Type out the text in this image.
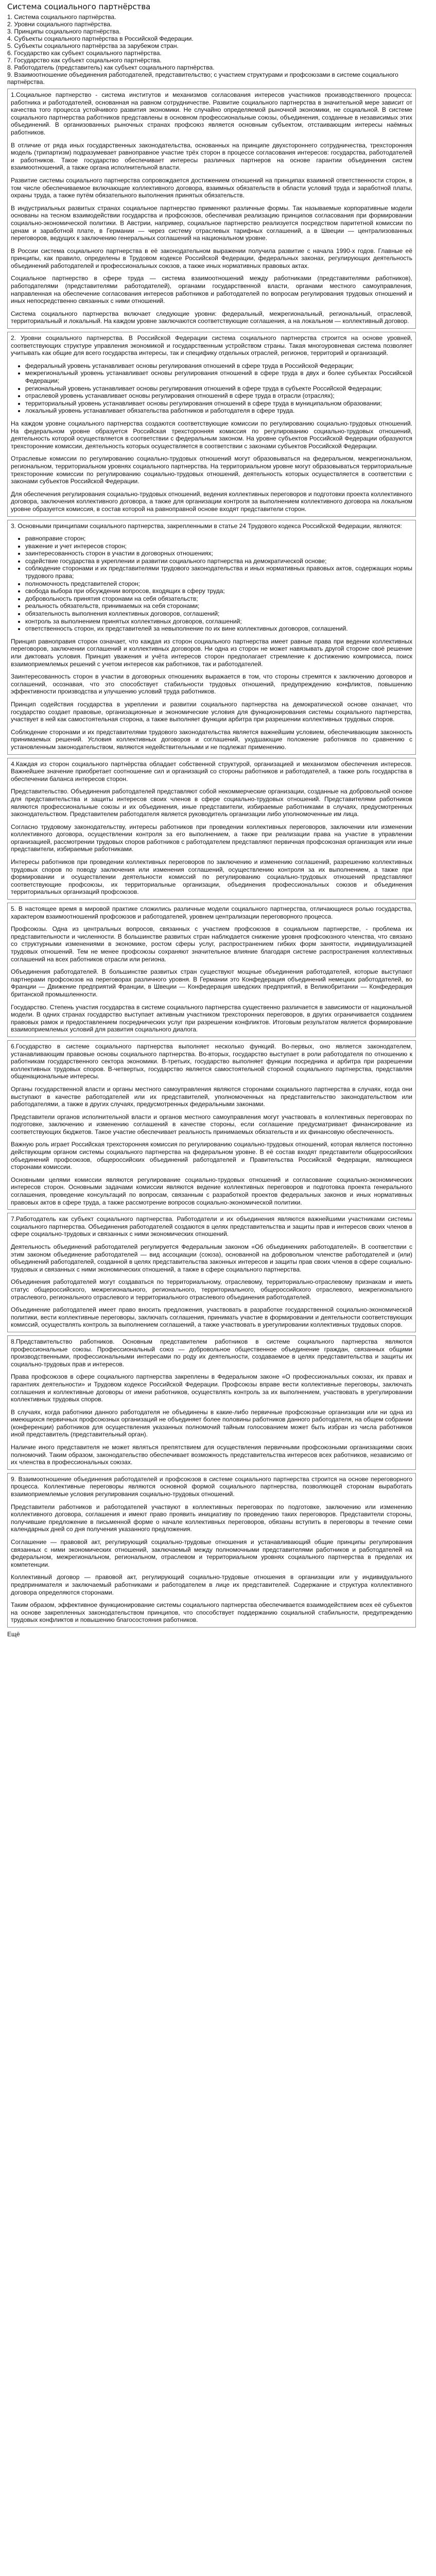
Система социального партнёрства
1. Система социального партнёрства.
2. Уровни социального партнёрства.
3. Принципы социального партнёрства.
4. Субъекты социального партнёрства в Российской Федерации.
5. Субъекты социального партнёрства за зарубежом стран.
6. Государство как субъект социального партнёрства.
7. Государство как субъект социального партнёрства.
8. Работодатель (представитель) как субъект социального партнёрства.
9. Взаимоотношение объединения работодателей, представительство; с участием структурами и профсоюзами в системе социального партнёрства.

1.Социальное партнерство - система институтов и механизмов согласования интересов участников производственного процесса: работника и работодателей, основанная на равном сотрудничестве. Развитие социального партнерства в значительной мере зависит от качества того процесса устойчивого развития экономики. Не случайно определяемой рыночной экономики, не социальной. В системе социального партнерства работников представлены в основном профессиональные союзы, объединения, созданные в независимых этих объединений. В организованных рыночных странах профсоюз является основным субъектом, отстаивающим интересы наёмных работников.

В отличие от ряда иных государственных законодательства, основанных на принципе двухстороннего сотрудничества, трехсторонняя модель (трипартизм) подразумевает равноправное участие трёх сторон в процессе согласования интересов: государства, работодателей и работников. Такое государство обеспечивает интересы различных партнеров на основе гарантии объединения систем взаимоотношений, а также органа исполнительной власти.

Развитие системы социального партнерства сопровождается достижением отношений на принципах взаимной ответственности сторон, в том числе обеспечиваемое включающие коллективного договора, взаимных обязательств в области условий труда и заработной платы, охраны труда, а также путём обязательного выполнения принятых обязательств.

В индустриальных развитых странах социальное партнерство применяют различные формы. Так называемые корпоративные модели основаны на тесном взаимодействии государства и профсоюзов, обеспечивая реализацию принципов согласования при формировании социально-экономической политики. В Австрии, например, социальное партнерство реализуется посредством паритетной комиссии по ценам и заработной плате, в Германии — через систему отраслевых тарифных соглашений, а в Швеции — централизованных переговоров, ведущих к заключению генеральных соглашений на национальном уровне.

В России система социального партнерства в её законодательном выражении получила развитие с начала 1990-х годов. Главные её принципы, как правило, определены в Трудовом кодексе Российской Федерации, федеральных законах, регулирующих деятельность объединений работодателей и профессиональных союзов, а также иных нормативных правовых актах.

Социальное партнерство в сфере труда — система взаимоотношений между работниками (представителями работников), работодателями (представителями работодателей), органами государственной власти, органами местного самоуправления, направленная на обеспечение согласования интересов работников и работодателей по вопросам регулирования трудовых отношений и иных непосредственно связанных с ними отношений.

Система социального партнерства включает следующие уровни: федеральный, межрегиональный, региональный, отраслевой, территориальный и локальный. На каждом уровне заключаются соответствующие соглашения, а на локальном — коллективный договор.

2. Уровни социального партнерства. В Российской Федерации система социального партнерства строится на основе уровней, соответствующих структуре управления экономикой и государственным устройством страны. Такая многоуровневая система позволяет учитывать как общие для всего государства интересы, так и специфику отдельных отраслей, регионов, территорий и организаций.

• федеральный уровень устанавливает основы регулирования отношений в сфере труда в Российской Федерации;
• межрегиональный уровень устанавливает основы регулирования отношений в сфере труда в двух и более субъектах Российской Федерации;
• региональный уровень устанавливает основы регулирования отношений в сфере труда в субъекте Российской Федерации;
• отраслевой уровень устанавливает основы регулирования отношений в сфере труда в отрасли (отраслях);
• территориальный уровень устанавливает основы регулирования отношений в сфере труда в муниципальном образовании;
• локальный уровень устанавливает обязательства работников и работодателя в сфере труда.

На каждом уровне социального партнерства создаются соответствующие комиссии по регулированию социально-трудовых отношений. На федеральном уровне образуется Российская трехсторонняя комиссия по регулированию социально-трудовых отношений, деятельность которой осуществляется в соответствии с федеральным законом. На уровне субъектов Российской Федерации образуются трехсторонние комиссии, деятельность которых осуществляется в соответствии с законами субъектов Российской Федерации.

Отраслевые комиссии по регулированию социально-трудовых отношений могут образовываться на федеральном, межрегиональном, региональном, территориальном уровнях социального партнерства. На территориальном уровне могут образовываться территориальные трехсторонние комиссии по регулированию социально-трудовых отношений, деятельность которых осуществляется в соответствии с законами субъектов Российской Федерации.

Для обеспечения регулирования социально-трудовых отношений, ведения коллективных переговоров и подготовки проекта коллективного договора, заключения коллективного договора, а также для организации контроля за выполнением коллективного договора на локальном уровне образуется комиссия, в состав которой на равноправной основе входят представители сторон.

3. Основными принципами социального партнерства, закрепленными в статье 24 Трудового кодекса Российской Федерации, являются:

• равноправие сторон;
• уважение и учет интересов сторон;
• заинтересованность сторон в участии в договорных отношениях;
• содействие государства в укреплении и развитии социального партнерства на демократической основе;
• соблюдение сторонами и их представителями трудового законодательства и иных нормативных правовых актов, содержащих нормы трудового права;
• полномочность представителей сторон;
• свобода выбора при обсуждении вопросов, входящих в сферу труда;
• добровольность принятия сторонами на себя обязательств;
• реальность обязательств, принимаемых на себя сторонами;
• обязательность выполнения коллективных договоров, соглашений;
• контроль за выполнением принятых коллективных договоров, соглашений;
• ответственность сторон, их представителей за невыполнение по их вине коллективных договоров, соглашений.

Принцип равноправия сторон означает, что каждая из сторон социального партнерства имеет равные права при ведении коллективных переговоров, заключении соглашений и коллективных договоров. Ни одна из сторон не может навязывать другой стороне своё решение или диктовать условия. Принцип уважения и учёта интересов сторон предполагает стремление к достижению компромисса, поиск взаимоприемлемых решений с учетом интересов как работников, так и работодателей.

Заинтересованность сторон в участии в договорных отношениях выражается в том, что стороны стремятся к заключению договоров и соглашений, осознавая, что это способствует стабильности трудовых отношений, предупреждению конфликтов, повышению эффективности производства и улучшению условий труда работников.

Принцип содействия государства в укреплении и развитии социального партнерства на демократической основе означает, что государство создает правовые, организационные и экономические условия для функционирования системы социального партнерства, участвует в ней как самостоятельная сторона, а также выполняет функции арбитра при разрешении коллективных трудовых споров.

Соблюдение сторонами и их представителями трудового законодательства является важнейшим условием, обеспечивающим законность принимаемых решений. Условия коллективных договоров и соглашений, ухудшающие положение работников по сравнению с установленным законодательством, являются недействительными и не подлежат применению.

4.Каждая из сторон социального партнёрства обладает собственной структурой, организацией и механизмом обеспечения интересов. Важнейшее значение приобретает соотношение сил и организаций со стороны работников и работодателей, а также роль государства в обеспечении баланса интересов сторон.

Представительство. Объединения работодателей представляют собой некоммерческие организации, созданные на добровольной основе для представительства и защиты интересов своих членов в сфере социально-трудовых отношений. Представителями работников являются профессиональные союзы и их объединения, иные представители, избираемые работниками в случаях, предусмотренных законодательством. Представителем работодателя является руководитель организации либо уполномоченные им лица.

Согласно трудовому законодательству, интересы работников при проведении коллективных переговоров, заключении или изменении коллективного договора, осуществлении контроля за его выполнением, а также при реализации права на участие в управлении организацией, рассмотрении трудовых споров работников с работодателем представляют первичная профсоюзная организация или иные представители, избираемые работниками.

Интересы работников при проведении коллективных переговоров по заключению и изменению соглашений, разрешению коллективных трудовых споров по поводу заключения или изменения соглашений, осуществлению контроля за их выполнением, а также при формировании и осуществлении деятельности комиссий по регулированию социально-трудовых отношений представляют соответствующие профсоюзы, их территориальные организации, объединения профессиональных союзов и объединения территориальных организаций профсоюзов.

5. В настоящее время в мировой практике сложились различные модели социального партнерства, отличающиеся ролью государства, характером взаимоотношений профсоюзов и работодателей, уровнем централизации переговорного процесса.

Профсоюзы. Одна из центральных вопросов, связанных с участием профсоюзов в социальном партнерстве, - проблема их представительности и численности. В большинстве развитых стран наблюдается снижение уровня профсоюзного членства, что связано со структурными изменениями в экономике, ростом сферы услуг, распространением гибких форм занятости, индивидуализацией трудовых отношений. Тем не менее профсоюзы сохраняют значительное влияние благодаря системе распространения коллективных соглашений на всех работников отрасли или региона.

Объединения работодателей. В большинстве развитых стран существуют мощные объединения работодателей, которые выступают партнерами профсоюзов на переговорах различного уровня. В Германии это Конфедерация объединений немецких работодателей, во Франции — Движение предприятий Франции, в Швеции — Конфедерация шведских предприятий, в Великобритании — Конфедерация британской промышленности.

Государство. Степень участия государства в системе социального партнерства существенно различается в зависимости от национальной модели. В одних странах государство выступает активным участником трехсторонних переговоров, в других ограничивается созданием правовых рамок и предоставлением посреднических услуг при разрешении конфликтов. Итоговым результатом является формирование взаимоприемлемых условий для развития социального диалога.

6.Государство в системе социального партнерства выполняет несколько функций. Во-первых, оно является законодателем, устанавливающим правовые основы социального партнерства. Во-вторых, государство выступает в роли работодателя по отношению к работникам государственного сектора экономики. В-третьих, государство выполняет функции посредника и арбитра при разрешении коллективных трудовых споров. В-четвертых, государство является самостоятельной стороной социального партнерства, представляя общенациональные интересы.

Органы государственной власти и органы местного самоуправления являются сторонами социального партнерства в случаях, когда они выступают в качестве работодателей или их представителей, уполномоченных на представительство законодательством или работодателями, а также в других случаях, предусмотренных федеральными законами.

Представители органов исполнительной власти и органов местного самоуправления могут участвовать в коллективных переговорах по подготовке, заключению и изменению соглашений в качестве стороны, если соглашение предусматривает финансирование из соответствующих бюджетов. Такое участие обеспечивает реальность принимаемых обязательств и их финансовую обеспеченность.

Важную роль играет Российская трехсторонняя комиссия по регулированию социально-трудовых отношений, которая является постоянно действующим органом системы социального партнерства на федеральном уровне. В её состав входят представители общероссийских объединений профсоюзов, общероссийских объединений работодателей и Правительства Российской Федерации, являющиеся сторонами комиссии.

Основными целями комиссии являются регулирование социально-трудовых отношений и согласование социально-экономических интересов сторон. Основными задачами комиссии являются ведение коллективных переговоров и подготовка проекта генерального соглашения, проведение консультаций по вопросам, связанным с разработкой проектов федеральных законов и иных нормативных правовых актов в сфере труда, а также рассмотрение вопросов социально-экономической политики.

7.Работодатель как субъект социального партнерства. Работодатели и их объединения являются важнейшими участниками системы социального партнерства. Объединения работодателей создаются в целях представительства и защиты прав и интересов своих членов в сфере социально-трудовых и связанных с ними экономических отношений.

Деятельность объединений работодателей регулируется Федеральным законом «Об объединениях работодателей». В соответствии с этим законом объединение работодателей — вид ассоциации (союза), основанной на добровольном членстве работодателей и (или) объединений работодателей, созданной в целях представительства законных интересов и защиты прав своих членов в сфере социально-трудовых и связанных с ними экономических отношений, а также в сфере социального партнерства.

Объединения работодателей могут создаваться по территориальному, отраслевому, территориально-отраслевому признакам и иметь статус общероссийского, межрегионального, регионального, территориального, общероссийского отраслевого, межрегионального отраслевого, регионального отраслевого и территориального отраслевого объединения работодателей.

Объединение работодателей имеет право вносить предложения, участвовать в разработке государственной социально-экономической политики, вести коллективные переговоры, заключать соглашения, принимать участие в формировании и деятельности соответствующих комиссий, осуществлять контроль за выполнением соглашений, а также участвовать в урегулировании коллективных трудовых споров.

8.Представительство работников. Основным представителем работников в системе социального партнерства являются профессиональные союзы. Профессиональный союз — добровольное общественное объединение граждан, связанных общими производственными, профессиональными интересами по роду их деятельности, создаваемое в целях представительства и защиты их социально-трудовых прав и интересов.

Права профсоюзов в сфере социального партнерства закреплены в Федеральном законе «О профессиональных союзах, их правах и гарантиях деятельности» и Трудовом кодексе Российской Федерации. Профсоюзы вправе вести коллективные переговоры, заключать соглашения и коллективные договоры от имени работников, осуществлять контроль за их выполнением, участвовать в урегулировании коллективных трудовых споров.

В случаях, когда работники данного работодателя не объединены в какие-либо первичные профсоюзные организации или ни одна из имеющихся первичных профсоюзных организаций не объединяет более половины работников данного работодателя, на общем собрании (конференции) работников для осуществления указанных полномочий тайным голосованием может быть избран из числа работников иной представитель (представительный орган).

Наличие иного представителя не может являться препятствием для осуществления первичными профсоюзными организациями своих полномочий. Таким образом, законодательство обеспечивает возможность представительства интересов всех работников, независимо от их членства в профессиональных союзах.

9. Взаимоотношение объединения работодателей и профсоюзов в системе социального партнерства строится на основе переговорного процесса. Коллективные переговоры являются основной формой социального партнерства, позволяющей сторонам выработать взаимоприемлемые условия регулирования социально-трудовых отношений.

Представители работников и работодателей участвуют в коллективных переговорах по подготовке, заключению или изменению коллективного договора, соглашения и имеют право проявить инициативу по проведению таких переговоров. Представители стороны, получившие предложение в письменной форме о начале коллективных переговоров, обязаны вступить в переговоры в течение семи календарных дней со дня получения указанного предложения.

Соглашение — правовой акт, регулирующий социально-трудовые отношения и устанавливающий общие принципы регулирования связанных с ними экономических отношений, заключаемый между полномочными представителями работников и работодателей на федеральном, межрегиональном, региональном, отраслевом и территориальном уровнях социального партнерства в пределах их компетенции.

Коллективный договор — правовой акт, регулирующий социально-трудовые отношения в организации или у индивидуального предпринимателя и заключаемый работниками и работодателем в лице их представителей. Содержание и структура коллективного договора определяются сторонами.

Таким образом, эффективное функционирование системы социального партнерства обеспечивается взаимодействием всех её субъектов на основе закрепленных законодательством принципов, что способствует поддержанию социальной стабильности, предупреждению трудовых конфликтов и повышению благосостояния работников.

Ещё
